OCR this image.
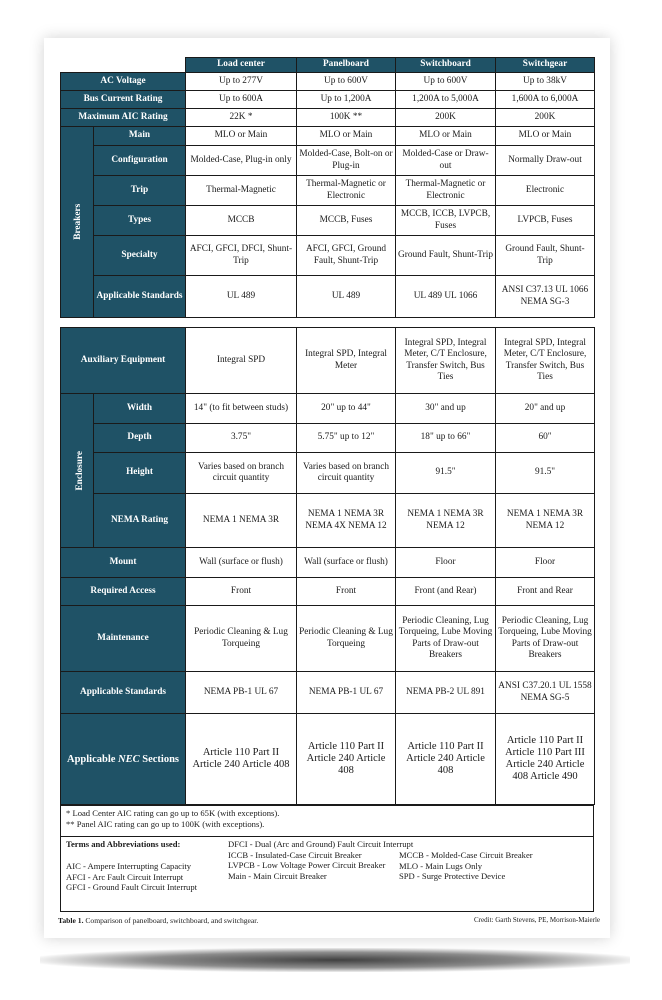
		Load center	Panelboard	Switchboard	Switchgear
AC Voltage		Up to 277V	Up to 600V	Up to 600V	Up to 38kV
Bus Current Rating		Up to 600A	Up to 1,200A	1,200A to 5,000A	1,600A to 6,000A
Maximum AIC Rating		22K *	100K **	200K	200K
Breakers	Main	MLO or Main	MLO or Main	MLO or Main	MLO or Main
	Configuration	Molded-Case, Plug-in only	Molded-Case, Bolt-on or Plug-in	Molded-Case or Draw-out	Normally Draw-out
	Trip	Thermal-Magnetic	Thermal-Magnetic or Electronic	Thermal-Magnetic or Electronic	Electronic
	Types	MCCB	MCCB, Fuses	MCCB, ICCB, LVPCB, Fuses	LVPCB, Fuses
	Specialty	AFCI, GFCI, DFCI, Shunt-Trip	AFCI, GFCI, Ground Fault, Shunt-Trip	Ground Fault, Shunt-Trip	Ground Fault, Shunt-Trip
	Applicable Standards	UL 489	UL 489	UL 489 UL 1066	ANSI C37.13 UL 1066 NEMA SG-3
Auxiliary Equipment		Integral SPD	Integral SPD, Integral Meter	Integral SPD, Integral Meter, C/T Enclosure, Transfer Switch, Bus Ties	Integral SPD, Integral Meter, C/T Enclosure, Transfer Switch, Bus Ties
Enclosure	Width	14" (to fit between studs)	20" up to 44"	30" and up	20" and up
	Depth	3.75"	5.75" up to 12"	18" up to 66"	60"
	Height	Varies based on branch circuit quantity	Varies based on branch circuit quantity	91.5"	91.5"
	NEMA Rating	NEMA 1 NEMA 3R	NEMA 1 NEMA 3R NEMA 4X NEMA 12	NEMA 1 NEMA 3R NEMA 12	NEMA 1 NEMA 3R NEMA 12
Mount		Wall (surface or flush)	Wall (surface or flush)	Floor	Floor
Required Access		Front	Front	Front (and Rear)	Front and Rear
Maintenance		Periodic Cleaning & Lug Torqueing	Periodic Cleaning & Lug Torqueing	Periodic Cleaning, Lug Torqueing, Lube Moving Parts of Draw-out Breakers	Periodic Cleaning, Lug Torqueing, Lube Moving Parts of Draw-out Breakers
Applicable Standards		NEMA PB-1 UL 67	NEMA PB-1 UL 67	NEMA PB-2 UL 891	ANSI C37.20.1 UL 1558 NEMA SG-5
Applicable NEC Sections		Article 110 Part II Article 240 Article 408	Article 110 Part II Article 240 Article 408	Article 110 Part II Article 240 Article 408	Article 110 Part II Article 110 Part III Article 240 Article 408 Article 490
* Load Center AIC rating can go up to 65K (with exceptions).
** Panel AIC rating can go up to 100K (with exceptions).
Terms and Abbreviations used:
AIC - Ampere Interrupting Capacity
AFCI - Arc Fault Circuit Interrupt
GFCI - Ground Fault Circuit Interrupt
DFCI - Dual (Arc and Ground) Fault Circuit Interrupt
ICCB - Insulated-Case Circuit Breaker
LVPCB - Low Voltage Power Circuit Breaker
Main - Main Circuit Breaker
MCCB - Molded-Case Circuit Breaker
MLO - Main Lugs Only
SPD - Surge Protective Device
Table 1. Comparison of panelboard, switchboard, and switchgear.	Credit: Garth Stevens, PE, Morrison-Maierle
